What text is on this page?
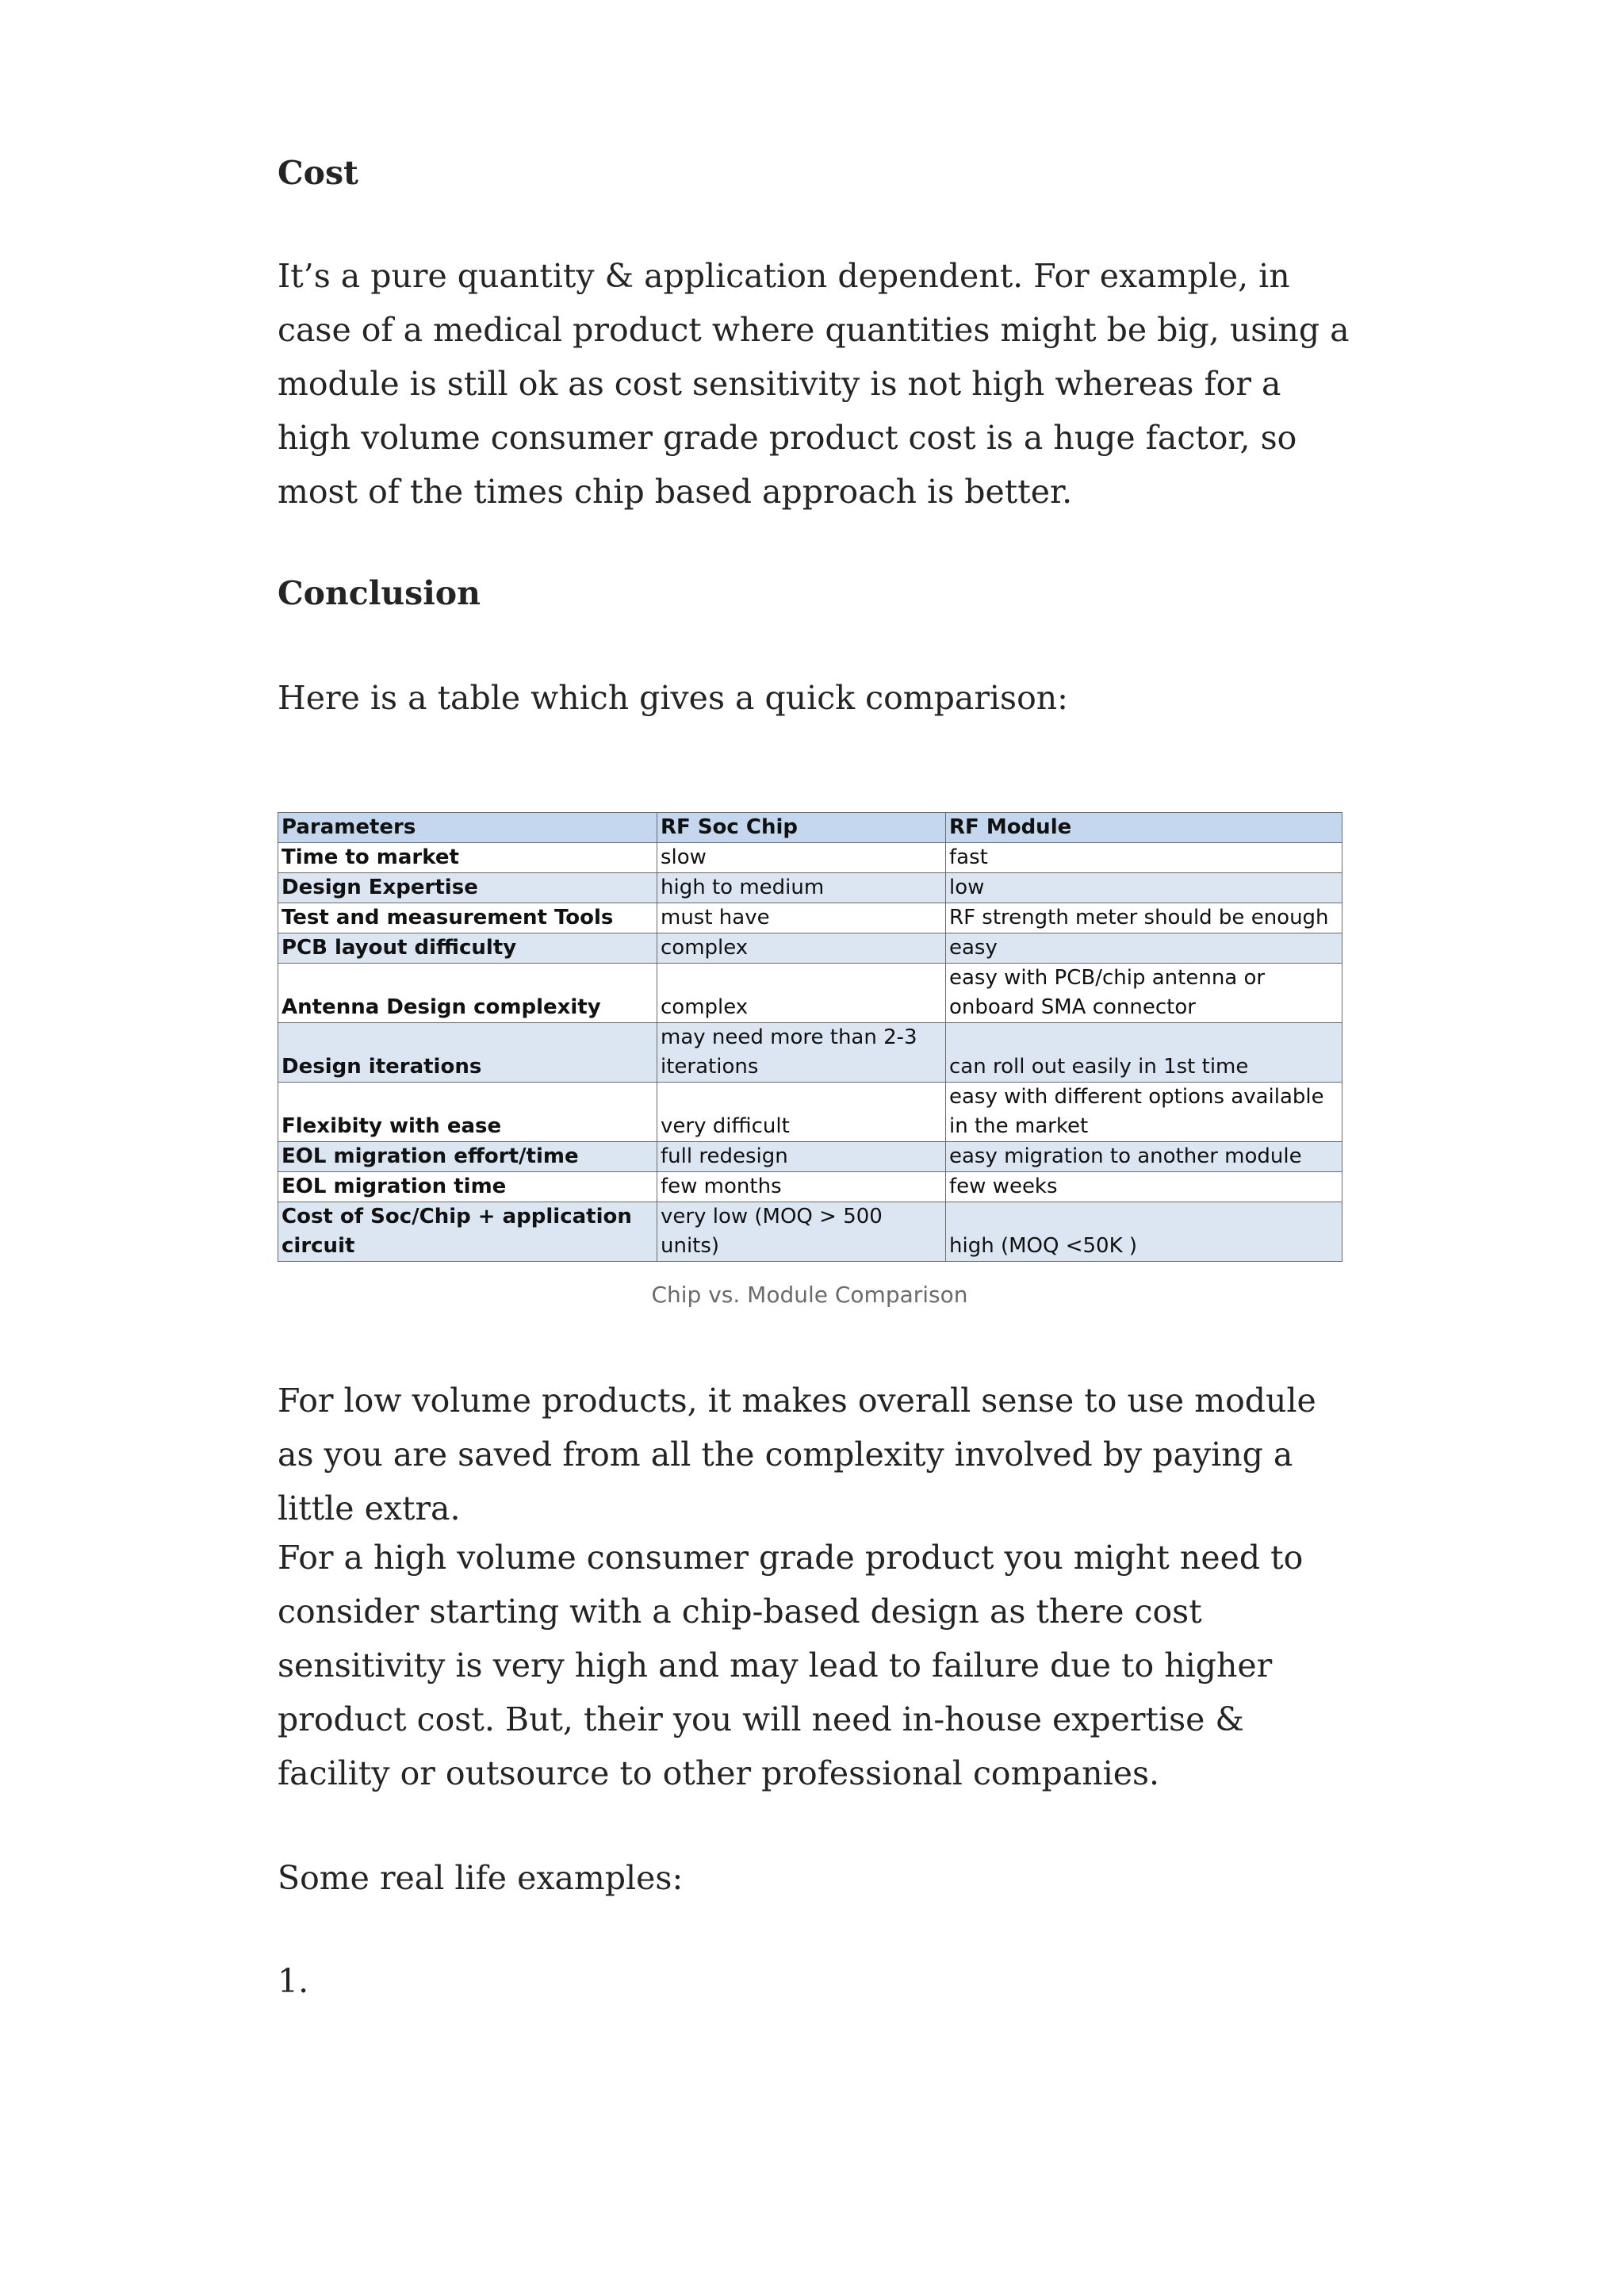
Cost

It’s a pure quantity & application dependent. For example, in case of a medical product where quantities might be big, using a module is still ok as cost sensitivity is not high whereas for a high volume consumer grade product cost is a huge factor, so most of the times chip based approach is better.

Conclusion

Here is a table which gives a quick comparison:

Parameters	RF Soc Chip	RF Module
Time to market	slow	fast
Design Expertise	high to medium	low
Test and measurement Tools	must have	RF strength meter should be enough
PCB layout difficulty	complex	easy
Antenna Design complexity	complex	easy with PCB/chip antenna or onboard SMA connector
Design iterations	may need more than 2-3 iterations	can roll out easily in 1st time
Flexibity with ease	very difficult	easy with different options available in the market
EOL migration effort/time	full redesign	easy migration to another module
EOL migration time	few months	few weeks
Cost of Soc/Chip + application circuit	very low (MOQ > 500 units)	high (MOQ <50K )
Chip vs. Module Comparison

For low volume products, it makes overall sense to use module as you are saved from all the complexity involved by paying a little extra.

For a high volume consumer grade product you might need to consider starting with a chip-based design as there cost sensitivity is very high and may lead to failure due to higher product cost. But, their you will need in-house expertise & facility or outsource to other professional companies.

Some real life examples:

1.
